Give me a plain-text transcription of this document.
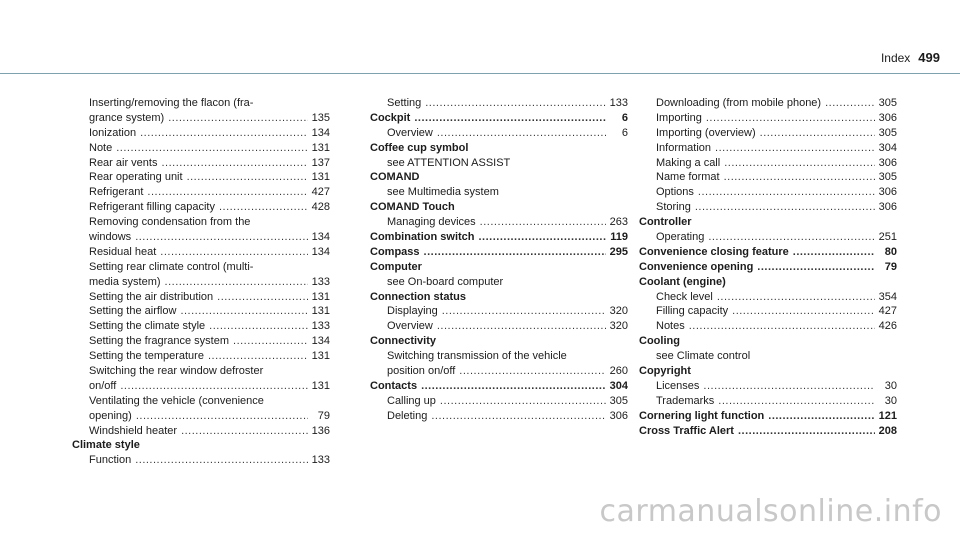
Index 499
Inserting/removing the flacon (fra-
grance system) .....	135
Ionization .....	134
Note .....	131
Rear air vents .....	137
Rear operating unit .....	131
Refrigerant .....	427
Refrigerant filling capacity .....	428
Removing condensation from the
windows .....	134
Residual heat .....	134
Setting rear climate control (multi-
media system) .....	133
Setting the air distribution .....	131
Setting the airflow .....	131
Setting the climate style .....	133
Setting the fragrance system .....	134
Setting the temperature .....	131
Switching the rear window defroster
on/off .....	131
Ventilating the vehicle (convenience
opening) .....	79
Windshield heater .....	136
Climate style
Function .....	133
Setting .....	133
Cockpit .....	6
Overview .....	6
Coffee cup symbol
see ATTENTION ASSIST
COMAND
see Multimedia system
COMAND Touch
Managing devices .....	263
Combination switch .....	119
Compass .....	295
Computer
see On-board computer
Connection status
Displaying .....	320
Overview .....	320
Connectivity
Switching transmission of the vehicle
position on/off .....	260
Contacts .....	304
Calling up .....	305
Deleting .....	306
Downloading (from mobile phone) .....	305
Importing .....	306
Importing (overview) .....	305
Information .....	304
Making a call .....	306
Name format .....	305
Options .....	306
Storing .....	306
Controller
Operating .....	251
Convenience closing feature .....	80
Convenience opening .....	79
Coolant (engine)
Check level .....	354
Filling capacity .....	427
Notes .....	426
Cooling
see Climate control
Copyright
Licenses .....	30
Trademarks .....	30
Cornering light function .....	121
Cross Traffic Alert .....	208
carmanualsonline.info
